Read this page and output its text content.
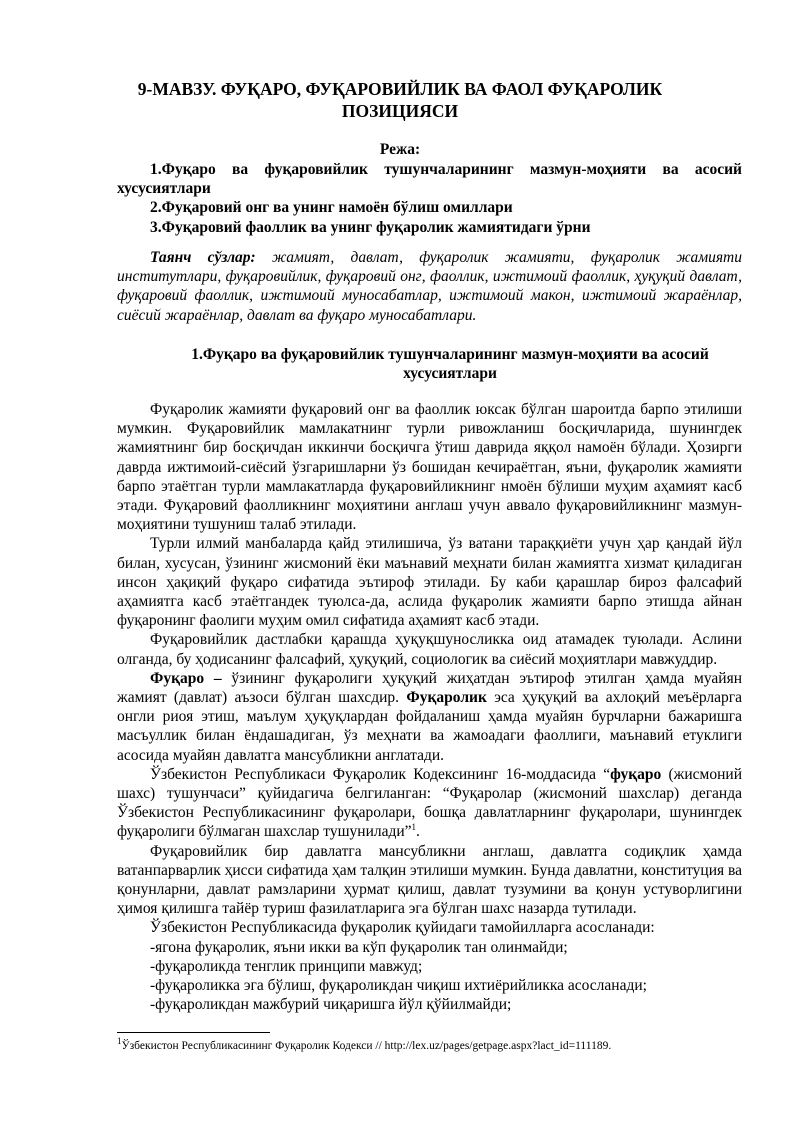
9-МАВЗУ. ФУҚАРО, ФУҚАРОВИЙЛИК ВА ФАОЛ ФУҚАРОЛИК
ПОЗИЦИЯСИ
Режа:
1.Фуқаро ва фуқаровийлик тушунчаларининг мазмун-моҳияти ва асосий хусусиятлари
2.Фуқаровий онг ва унинг намоён бўлиш омиллари
3.Фуқаровий фаоллик ва унинг фуқаролик жамиятидаги ўрни
Таянч сўзлар: жамият, давлат, фуқаролик жамияти, фуқаролик жамияти институтлари, фуқаровийлик, фуқаровий онг, фаоллик, ижтимоий фаоллик, ҳуқуқий давлат, фуқаровий фаоллик, ижтимоий муносабатлар, ижтимоий макон, ижтимоий жараёнлар, сиёсий жараёнлар, давлат ва фуқаро муносабатлари.
1.Фуқаро ва фуқаровийлик тушунчаларининг мазмун-моҳияти ва асосий
хусусиятлари

Фуқаролик жамияти фуқаровий онг ва фаоллик юксак бўлган шароитда барпо этилиши мумкин. Фуқаровийлик мамлакатнинг турли ривожланиш босқичларида, шунингдек жамиятнинг бир босқичдан иккинчи босқичга ўтиш даврида яққол намоён бўлади. Ҳозирги даврда ижтимоий-сиёсий ўзгаришларни ўз бошидан кечираётган, яъни, фуқаролик жамияти барпо этаётган турли мамлакатларда фуқаровийликнинг нмоён бўлиши муҳим аҳамият касб этади. Фуқаровий фаолликнинг моҳиятини англаш учун аввало фуқаровийликнинг мазмун-моҳиятини тушуниш талаб этилади.

Турли илмий манбаларда қайд этилишича, ўз ватани тараққиёти учун ҳар қандай йўл билан, хусусан, ўзининг жисмоний ёки маънавий меҳнати билан жамиятга хизмат қиладиган инсон ҳақиқий фуқаро сифатида эътироф этилади. Бу каби қарашлар бироз фалсафий аҳамиятга касб этаётгандек туюлса-да, аслида фуқаролик жамияти барпо этишда айнан фуқаронинг фаолиги муҳим омил сифатида аҳамият касб этади.

Фуқаровийлик дастлабки қарашда ҳуқуқшуносликка оид атамадек туюлади. Аслини олганда, бу ҳодисанинг фалсафий, ҳуқуқий, социологик ва сиёсий моҳиятлари мавжуддир.

Фуқаро – ўзининг фуқаролиги ҳуқуқий жиҳатдан эътироф этилган ҳамда муайян жамият (давлат) аъзоси бўлган шахсдир. Фуқаролик эса ҳуқуқий ва ахлоқий меъёрларга онгли риоя этиш, маълум ҳуқуқлардан фойдаланиш ҳамда муайян бурчларни бажаришга масъуллик билан ёндашадиган, ўз меҳнати ва жамоадаги фаоллиги, маънавий етуклиги асосида муайян давлатга мансубликни англатади.

Ўзбекистон Республикаси Фуқаролик Кодексининг 16-моддасида “фуқаро (жисмоний шахс) тушунчаси” қуйидагича белгиланган: “Фуқаролар (жисмоний шахслар) деганда Ўзбекистон Республикасининг фуқаролари, бошқа давлатларнинг фуқаролари, шунингдек фуқаролиги бўлмаган шахслар тушунилади”$^1$.

Фуқаровийлик бир давлатга мансубликни англаш, давлатга содиқлик ҳамда ватанпарварлик ҳисси сифатида ҳам талқин этилиши мумкин. Бунда давлатни, конституция ва қонунларни, давлат рамзларини ҳурмат қилиш, давлат тузумини ва қонун устуворлигини ҳимоя қилишга тайёр туриш фазилатларига эга бўлган шахс назарда тутилади.

Ўзбекистон Республикасида фуқаролик қуйидаги тамойилларга асосланади:

-ягона фуқаролик, яъни икки ва кўп фуқаролик тан олинмайди;

-фуқароликда тенглик принципи мавжуд;

-фуқароликка эга бўлиш, фуқароликдан чиқиш ихтиёрийликка асосланади;

-фуқароликдан мажбурий чиқаришга йўл қўйилмайди;

$^1$Ўзбекистон Республикасининг Фуқаролик Кодекси // http://lex.uz/pages/getpage.aspx?lact_id=111189.
